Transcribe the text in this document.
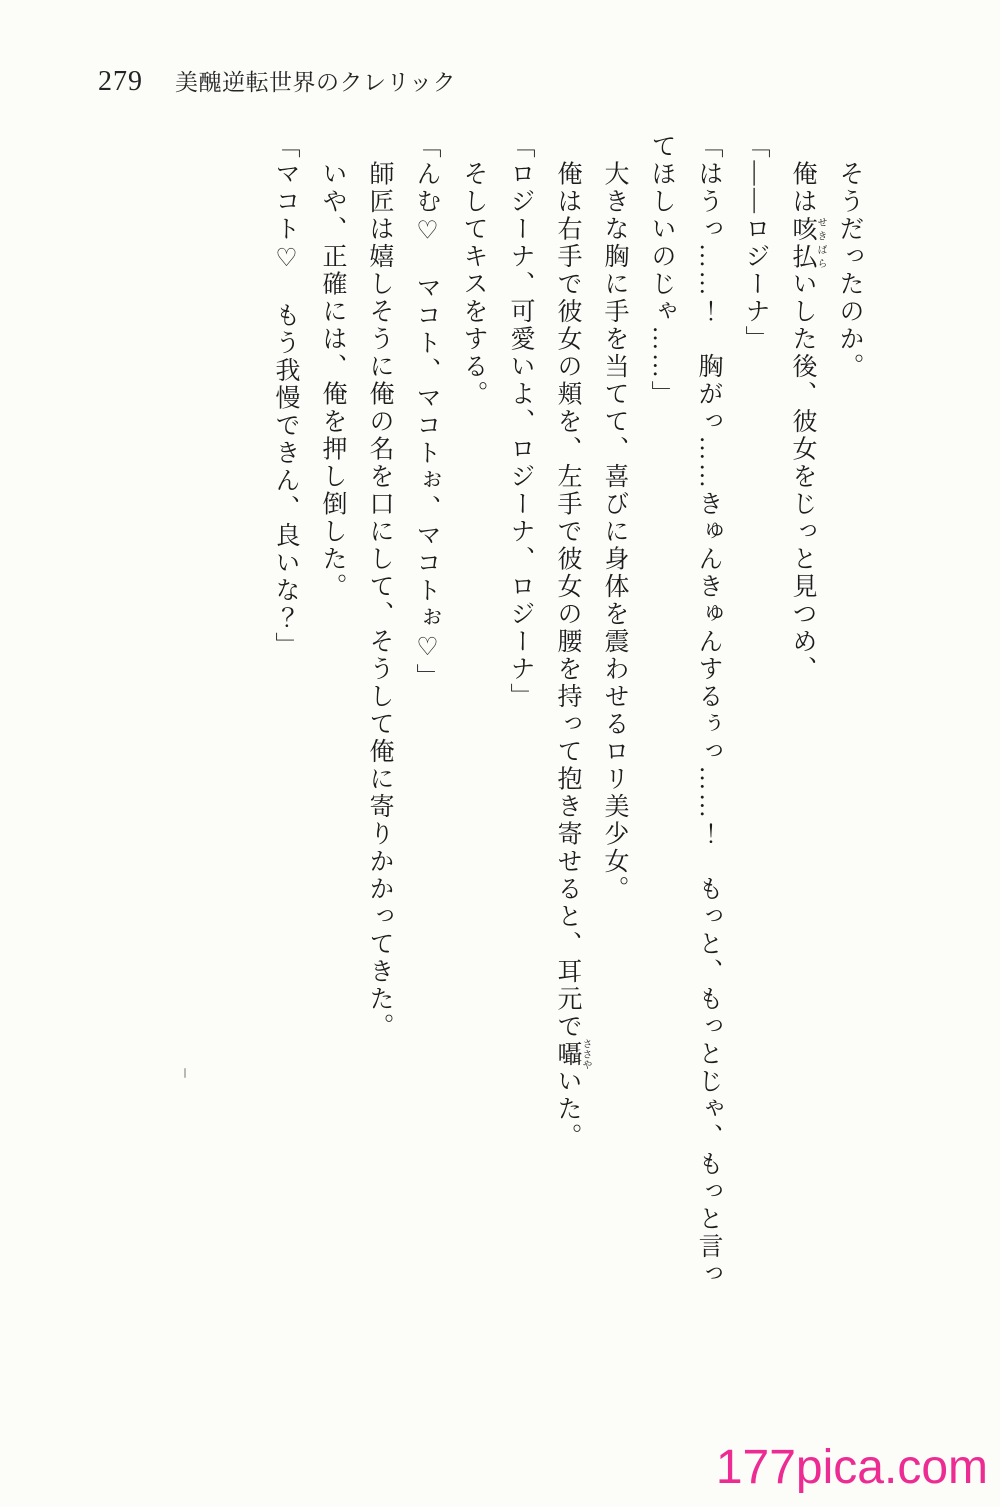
279 美醜逆転世界のクレリック

　そうだったのか。

　俺は咳払 せきばらいした後、彼女をじっと見つめ、

「――ロジーナ」

「はうっ……！　胸がっ……きゅんきゅんするぅっ……！　もっと、もっとじゃ、もっと言っ

てほしいのじゃ……」

　大きな胸に手を当てて、喜びに身体を震わせるロリ美少女。

　俺は右手で彼女の頬を、左手で彼女の腰を持って抱き寄せると、耳元で囁 ささやいた。

「ロジーナ、可愛いよ、ロジーナ、ロジーナ」

　そしてキスをする。

「んむ♡　マコト、マコトぉ、マコトぉ♡」

　師匠は嬉しそうに俺の名を口にして、そうして俺に寄りかかってきた。

　いや、正確には、俺を押し倒した。

「マコト♡　もう我慢できん、良いな？」

177pica.com
